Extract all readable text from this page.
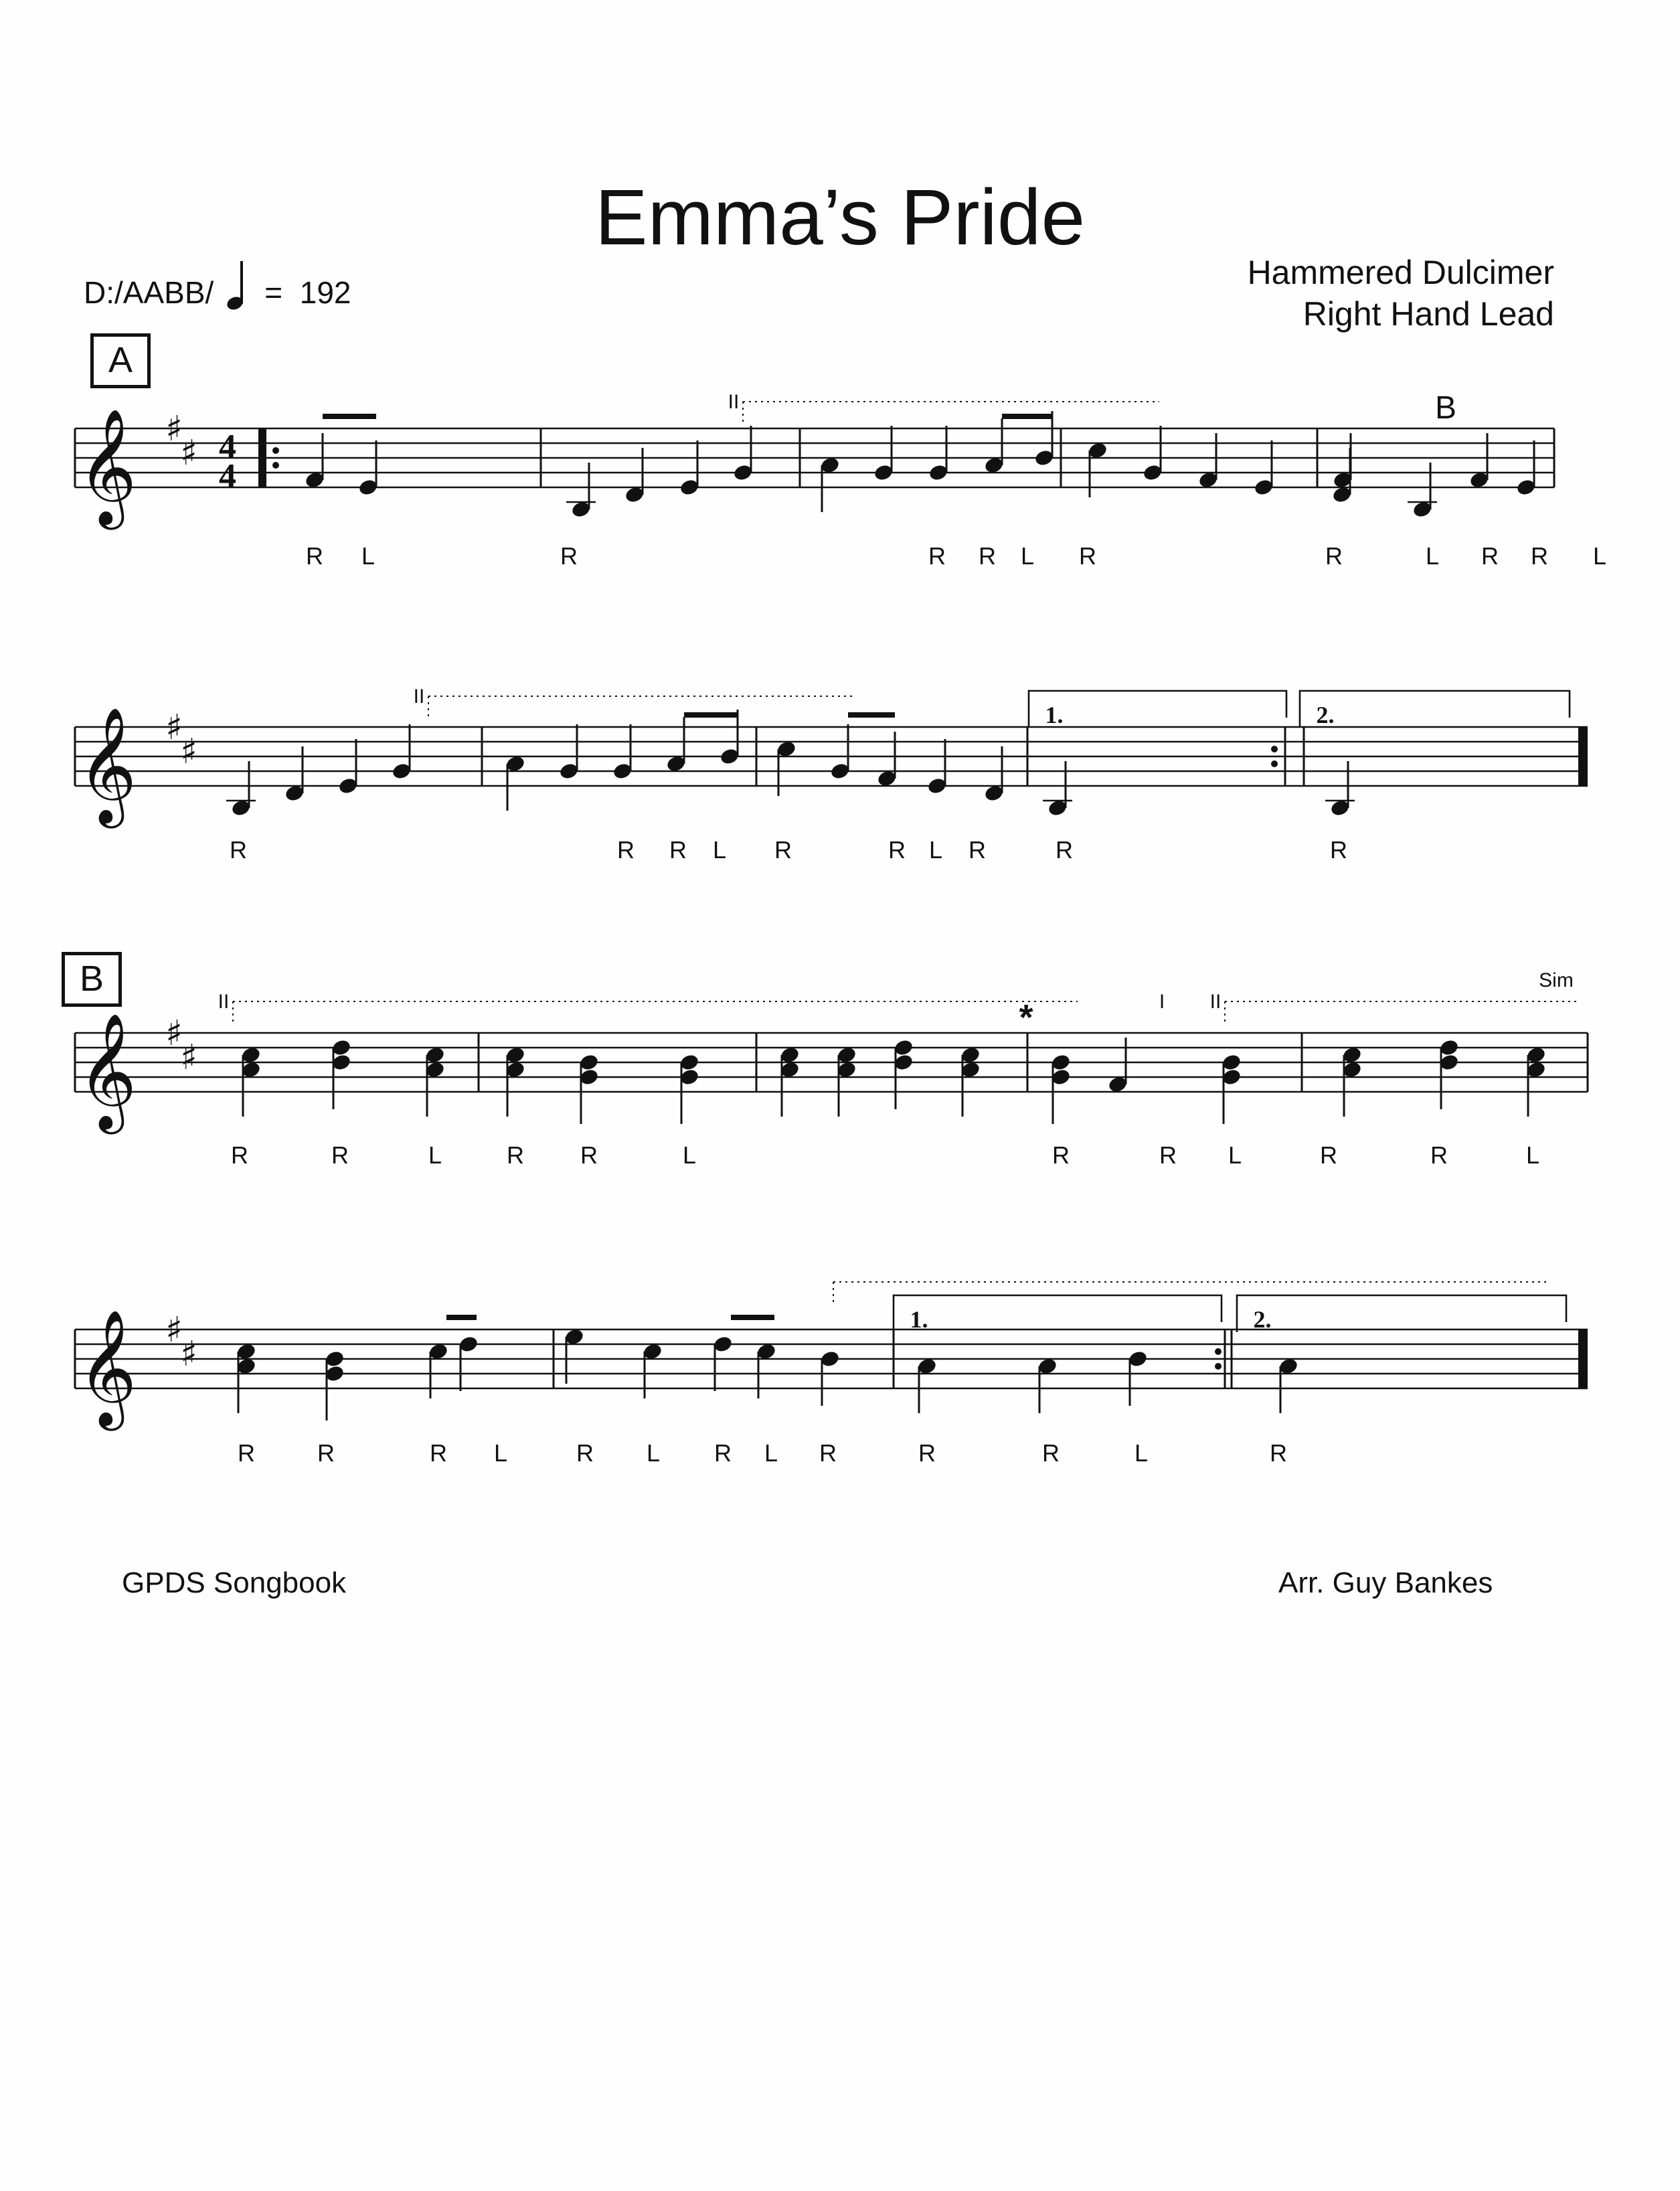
Emma’s Pride
D:/AABB/ = 192
Hammered Dulcimer
Right Hand Lead
A
B
𝄞 ♯
♯
𝄞 ♯
♯
𝄞 ♯
♯
𝄞 ♯
♯
4
4
R L	R	R R L R	R	L R R L
R	R R L R	R L R	R	R
R	R	L	R R	L	R	R L	R	R	L
R	R	R L	R L R L R	R	R	L	R
B
Sim
*
II
II
II	II
I
1.	2.
1.	2.
GPDS Songbook	Arr. Guy Bankes
